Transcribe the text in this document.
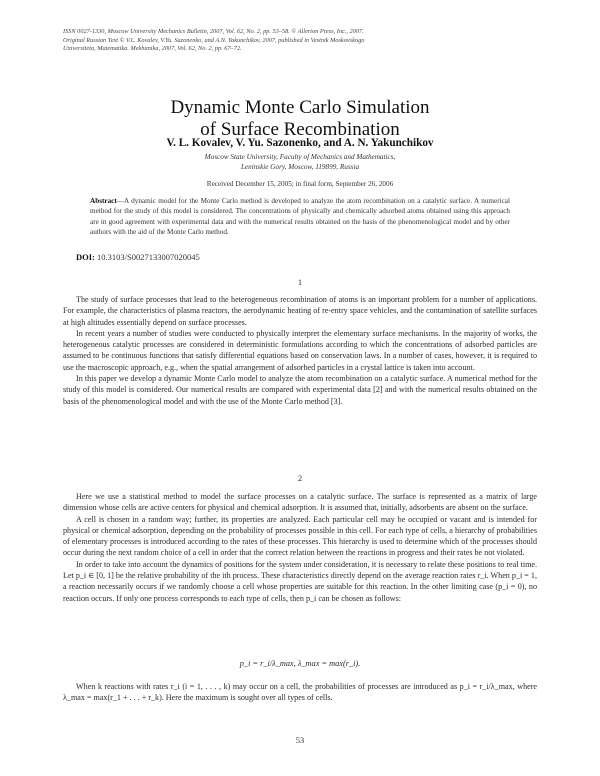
ISSN 0027-1330, Moscow University Mechanics Bulletin, 2007, Vol. 62, No. 2, pp. 53–58. © Allerton Press, Inc., 2007.
Original Russian Text © V.L. Kovalev, V.Yu. Sazonenko, and A.N. Yakunchikov, 2007, published in Vestnik Moskovskogo
Universiteta, Matematika. Mekhanika, 2007, Vol. 62, No. 2, pp. 67–72.
Dynamic Monte Carlo Simulation
of Surface Recombination
V. L. Kovalev, V. Yu. Sazonenko, and A. N. Yakunchikov
Moscow State University, Faculty of Mechanics and Mathematics,
Leninskie Gory, Moscow, 119899, Russia
Received December 15, 2005; in final form, September 26, 2006
Abstract—A dynamic model for the Monte Carlo method is developed to analyze the atom recombination on a catalytic surface. A numerical method for the study of this model is considered. The concentrations of physically and chemically adsorbed atoms obtained using this approach are in good agreement with experimental data and with the numerical results obtained on the basis of the phenomenological model and by other authors with the aid of the Monte Carlo method.
DOI: 10.3103/S0027133007020045
1

The study of surface processes that lead to the heterogeneous recombination of atoms is an important problem for a number of applications. For example, the characteristics of plasma reactors, the aerodynamic heating of re-entry space vehicles, and the contamination of satellite surfaces at high altitudes essentially depend on surface processes.

In recent years a number of studies were conducted to physically interpret the elementary surface mechanisms. In the majority of works, the heterogeneous catalytic processes are considered in deterministic formulations according to which the concentrations of adsorbed particles are assumed to be continuous functions that satisfy differential equations based on conservation laws. In a number of cases, however, it is required to use the macroscopic approach, e.g., when the spatial arrangement of adsorbed particles in a crystal lattice is taken into account.

In this paper we develop a dynamic Monte Carlo model to analyze the atom recombination on a catalytic surface. A numerical method for the study of this model is considered. Our numerical results are compared with experimental data [2] and with the numerical results obtained on the basis of the phenomenological model and with the use of the Monte Carlo method [3].

2

Here we use a statistical method to model the surface processes on a catalytic surface. The surface is represented as a matrix of large dimension whose cells are active centers for physical and chemical adsorption. It is assumed that, initially, adsorbents are absent on the surface.

A cell is chosen in a random way; further, its properties are analyzed. Each particular cell may be occupied or vacant and is intended for physical or chemical adsorption, depending on the probability of processes possible in this cell. For each type of cells, a hierarchy of probabilities of elementary processes is introduced according to the rates of these processes. This hierarchy is used to determine which of the processes should occur during the next random choice of a cell in order that the correct relation between the reactions in progress and their rates be not violated.

In order to take into account the dynamics of positions for the system under consideration, it is necessary to relate these positions to real time. Let p_i ∈ [0, 1] be the relative probability of the ith process. These characteristics directly depend on the average reaction rates r_i. When p_i = 1, a reaction necessarily occurs if we randomly choose a cell whose properties are suitable for this reaction. In the other limiting case (p_i = 0), no reaction occurs. If only one process corresponds to each type of cells, then p_i can be chosen as follows:

p_i = r_i/λ_max, λ_max = max(r_i).

When k reactions with rates r_i (i = 1, . . . , k) may occur on a cell, the probabilities of processes are introduced as p_i = r_i/λ_max, where λ_max = max(r_1 + . . . + r_k). Here the maximum is sought over all types of cells.

53
